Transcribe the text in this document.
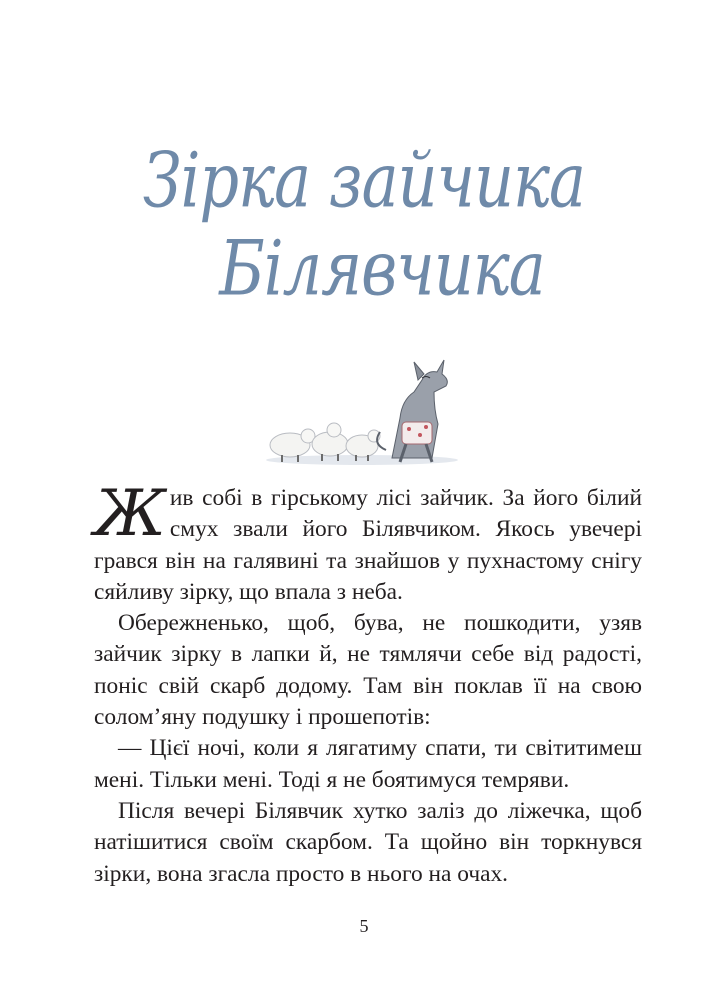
Зірка зайчика
Білявчика

Жив собі в гірському лісі зайчик. За його білий смух звали його Білявчиком. Якось увечері грався він на галявині та знайшов у пухнастому снігу сяйливу зірку, що впала з неба.

Обережненько, щоб, бува, не пошкодити, узяв зайчик зірку в лапки й, не тямлячи себе від радості, поніс свій скарб додому. Там він поклав її на свою солом’яну подушку і прошепотів:

— Цієї ночі, коли я лягатиму спати, ти світитимеш мені. Тільки мені. Тоді я не боятимуся темряви.

Після вечері Білявчик хутко заліз до ліжечка, щоб натішитися своїм скарбом. Та щойно він торкнувся зірки, вона згасла просто в нього на очах.

5
